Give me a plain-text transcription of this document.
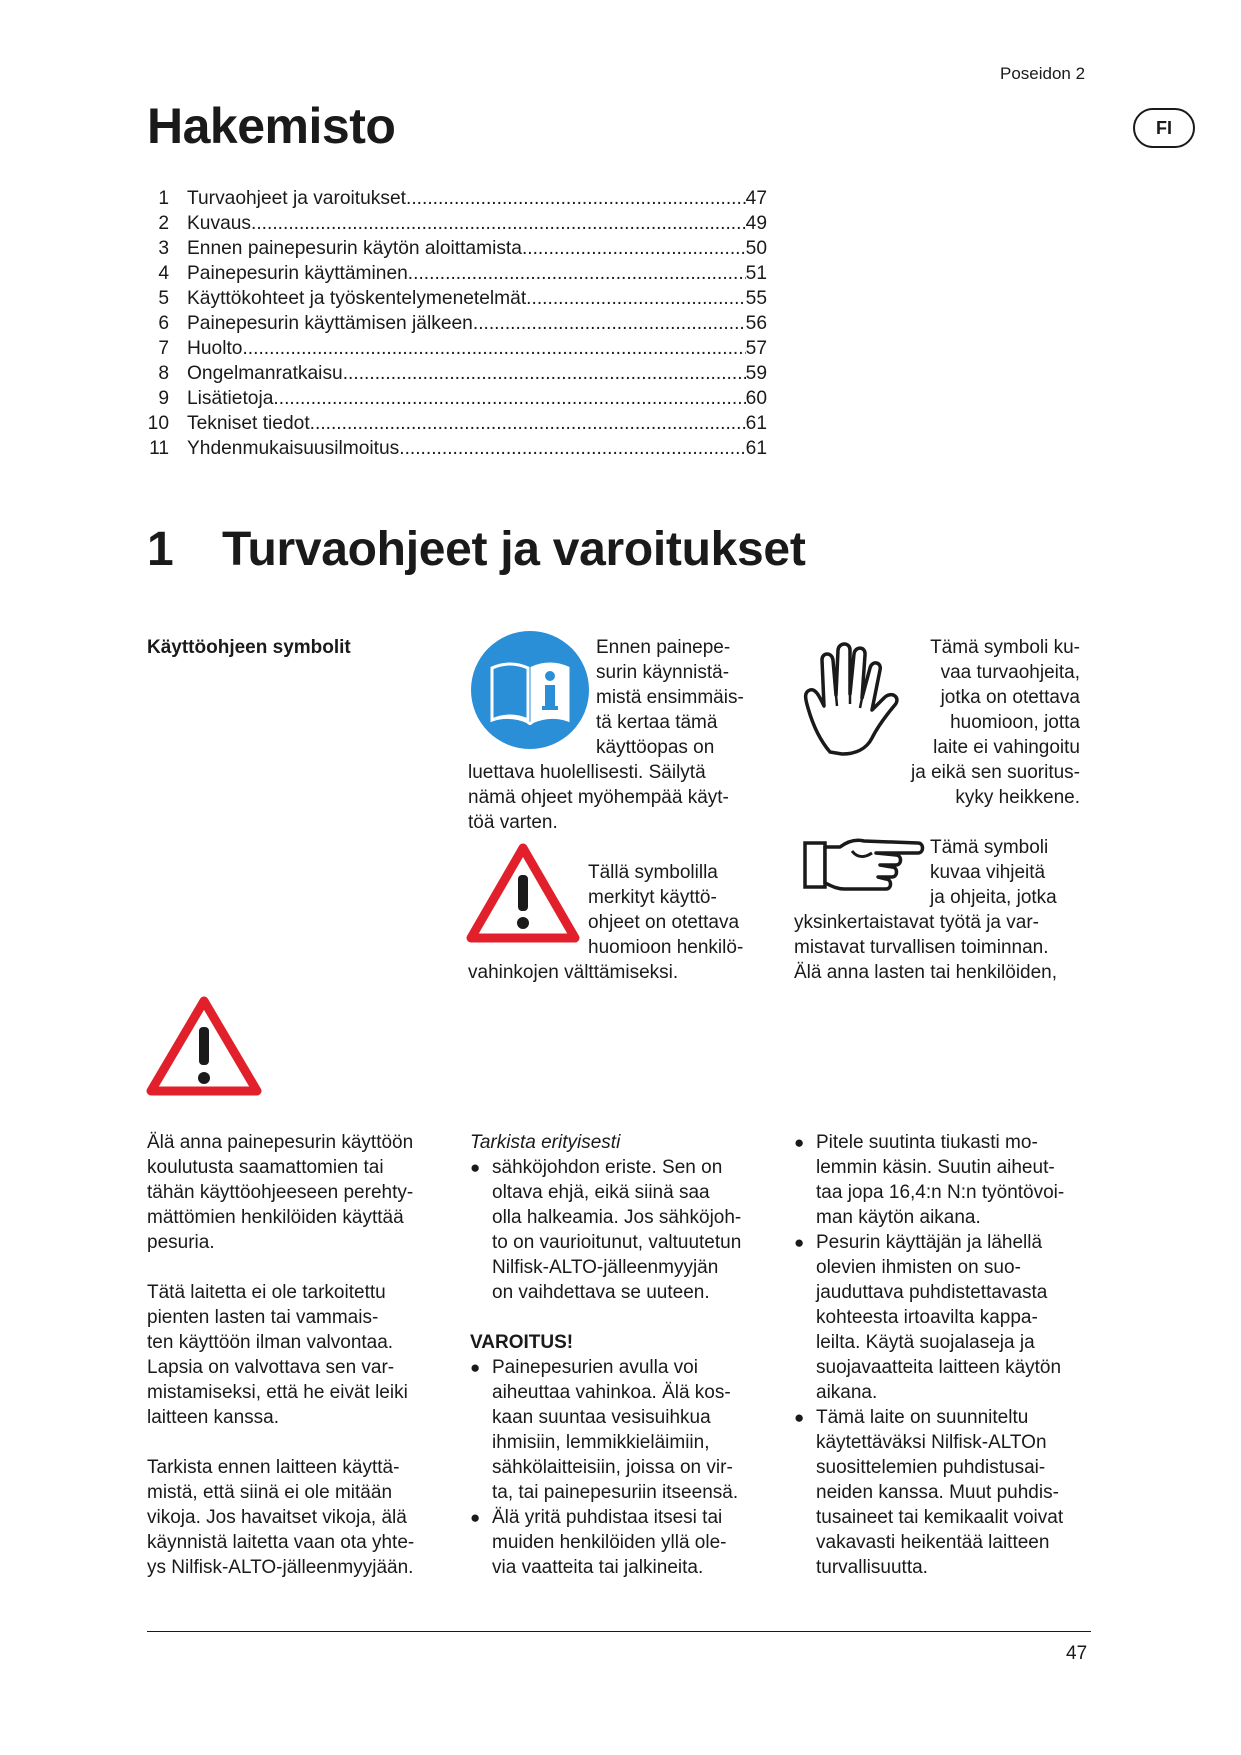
Poseidon 2
FI
Hakemisto
1 Turvaohjeet ja varoitukset .....	47
2 Kuvaus .....	49
3 Ennen painepesurin käytön aloittamista .....	50
4 Painepesurin käyttäminen .....	51
5 Käyttökohteet ja työskentelymenetelmät .....	55
6 Painepesurin käyttämisen jälkeen .....	56
7 Huolto .....	57
8 Ongelmanratkaisu .....	59
9 Lisätietoja .....	60
10 Tekniset tiedot .....	61
11 Yhdenmukaisuusilmoitus .....	61
1 Turvaohjeet ja varoitukset
Käyttöohjeen symbolit	Ennen painepe-
surin käynnistä-
mistä ensimmäis-
tä kertaa tämä
käyttöopas on
luettava huolellisesti. Säilytä
nämä ohjeet myöhempää käyt-
töä varten.
Tällä symbolilla
merkityt käyttö-
ohjeet on otettava
huomioon henkilö-
vahinkojen välttämiseksi.
Tämä symboli ku-
vaa turvaohjeita,
jotka on otettava
huomioon, jotta
laite ei vahingoitu
ja eikä sen suoritus-
kyky heikkene.
Tämä symboli
kuvaa vihjeitä
ja ohjeita, jotka
yksinkertaistavat työtä ja var-
mistavat turvallisen toiminnan.
Älä anna lasten tai henkilöiden,
Älä anna painepesurin käyttöön
koulutusta saamattomien tai
tähän käyttöohjeeseen perehty-
mättömien henkilöiden käyttää
pesuria.
Tätä laitetta ei ole tarkoitettu
pienten lasten tai vammais-
ten käyttöön ilman valvontaa.
Lapsia on valvottava sen var-
mistamiseksi, että he eivät leiki
laitteen kanssa.
Tarkista ennen laitteen käyttä-
mistä, että siinä ei ole mitään
vikoja. Jos havaitset vikoja, älä
käynnistä laitetta vaan ota yhte-
ys Nilfisk-ALTO-jälleenmyyjään.
Tarkista erityisesti
● sähköjohdon eriste. Sen on
oltava ehjä, eikä siinä saa
olla halkeamia. Jos sähköjoh-
to on vaurioitunut, valtuutetun
Nilfisk-ALTO-jälleenmyyjän
on vaihdettava se uuteen.
VAROITUS!
● Painepesurien avulla voi
aiheuttaa vahinkoa. Älä kos-
kaan suuntaa vesisuihkua
ihmisiin, lemmikkieläimiin,
sähkölaitteisiin, joissa on vir-
ta, tai painepesuriin itseensä.
● Älä yritä puhdistaa itsesi tai
muiden henkilöiden yllä ole-
via vaatteita tai jalkineita.
● Pitele suutinta tiukasti mo-
lemmin käsin. Suutin aiheut-
taa jopa 16,4:n N:n työntövoi-
man käytön aikana.
● Pesurin käyttäjän ja lähellä
olevien ihmisten on suo-
jauduttava puhdistettavasta
kohteesta irtoavilta kappa-
leilta. Käytä suojalaseja ja
suojavaatteita laitteen käytön
aikana.
● Tämä laite on suunniteltu
käytettäväksi Nilfisk-ALTOn
suosittelemien puhdistusai-
neiden kanssa. Muut puhdis-
tusaineet tai kemikaalit voivat
vakavasti heikentää laitteen
turvallisuutta.
47
